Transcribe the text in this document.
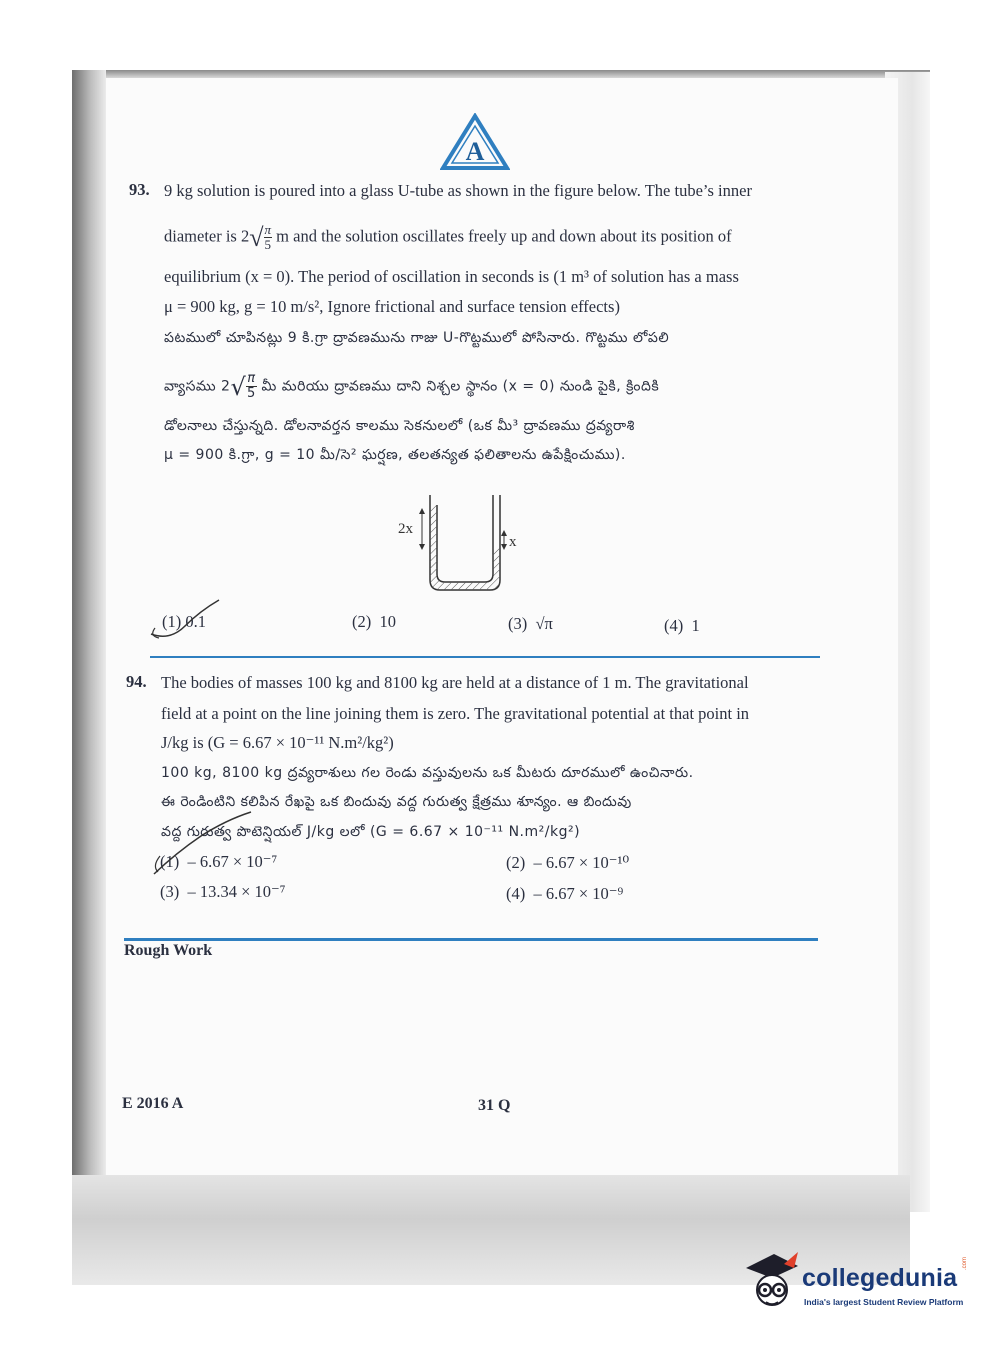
A
93. 9 kg solution is poured into a glass U-tube as shown in the figure below. The tube’s inner
diameter is $2√ \frac{\pi}{5}$ m and the solution oscillates freely up and down about its position of
equilibrium (x = 0). The period of oscillation in seconds is (1 m³ of solution has a mass
μ = 900 kg, g = 10 m/s², Ignore frictional and surface tension effects)
పటములో చూపినట్లు 9 కి.గ్రా ద్రావణమును గాజు U-గొట్టములో పోసినారు. గొట్టము లోపలి
వ్యాసము $2√ \frac{\pi}{5}$ మీ మరియు ద్రావణము దాని నిశ్చల స్థానం (x = 0) నుండి పైకి, క్రిందికి
డోలనాలు చేస్తున్నది. డోలనావర్తన కాలము సెకనులలో (ఒక మీ³ ద్రావణము ద్రవ్యరాశి
μ = 900 కి.గ్రా, g = 10 మీ/సె² ఘర్షణ, తలతన్యత ఫలితాలను ఉపేక్షించుము).
2x
x
(1) 0.1	(2) 10	(3) √π	(4) 1
94. The bodies of masses 100 kg and 8100 kg are held at a distance of 1 m. The gravitational
field at a point on the line joining them is zero. The gravitational potential at that point in
J/kg is (G = 6.67 × 10⁻¹¹ N.m²/kg²)
100 kg, 8100 kg ద్రవ్యరాశులు గల రెండు వస్తువులను ఒక మీటరు దూరములో ఉంచినారు.
ఈ రెండింటిని కలిపిన రేఖపై ఒక బిందువు వద్ద గురుత్వ క్షేత్రము శూన్యం. ఆ బిందువు
వద్ద గురుత్వ పొటెన్షియల్ J/kg లలో (G = 6.67 × 10⁻¹¹ N.m²/kg²)
(1) – 6.67 × 10⁻⁷	(2) – 6.67 × 10⁻¹⁰
(3) – 13.34 × 10⁻⁷	(4) – 6.67 × 10⁻⁹
Rough Work
E 2016 A	31 Q
collegedunia
.com
India's largest Student Review Platform
